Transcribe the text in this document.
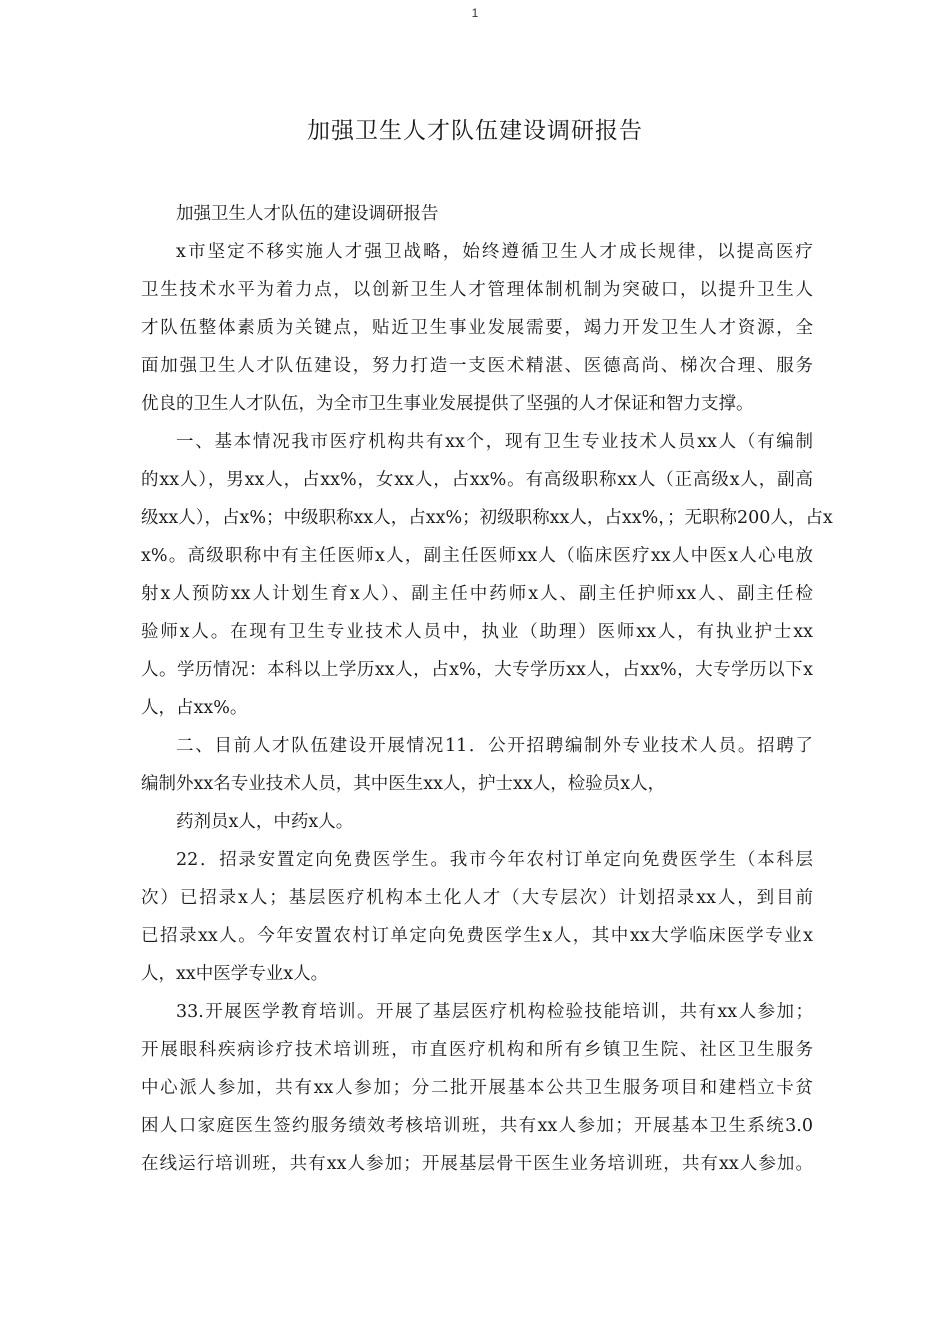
1
加强卫生人才队伍建设调研报告
加强卫生人才队伍的建设调研报告
x市坚定不移实施人才强卫战略，始终遵循卫生人才成长规律，以提高医疗
卫生技术水平为着力点，以创新卫生人才管理体制机制为突破口，以提升卫生人
才队伍整体素质为关键点，贴近卫生事业发展需要，竭力开发卫生人才资源，全
面加强卫生人才队伍建设，努力打造一支医术精湛、医德高尚、梯次合理、服务
优良的卫生人才队伍，为全市卫生事业发展提供了坚强的人才保证和智力支撑。
一、基本情况我市医疗机构共有xx个，现有卫生专业技术人员xx人（有编制
的xx人），男xx人，占xx%，女xx人，占xx%。有高级职称xx人（正高级x人，副高
级xx人），占x%；中级职称xx人，占xx%；初级职称xx人，占xx%，；无职称200人，占x
x%。高级职称中有主任医师x人，副主任医师xx人（临床医疗xx人中医x人心电放
射x人预防xx人计划生育x人）、副主任中药师x人、副主任护师xx人、副主任检
验师x人。在现有卫生专业技术人员中，执业（助理）医师xx人，有执业护士xx
人。学历情况：本科以上学历xx人，占x%，大专学历xx人，占xx%，大专学历以下x
人，占xx%。
二、目前人才队伍建设开展情况11．公开招聘编制外专业技术人员。招聘了
编制外xx名专业技术人员，其中医生xx人，护士xx人，检验员x人，
药剂员x人，中药x人。
22．招录安置定向免费医学生。我市今年农村订单定向免费医学生（本科层
次）已招录x人；基层医疗机构本土化人才（大专层次）计划招录xx人，到目前
已招录xx人。今年安置农村订单定向免费医学生x人，其中xx大学临床医学专业x
人，xx中医学专业x人。
33.开展医学教育培训。开展了基层医疗机构检验技能培训，共有xx人参加；
开展眼科疾病诊疗技术培训班，市直医疗机构和所有乡镇卫生院、社区卫生服务
中心派人参加，共有xx人参加；分二批开展基本公共卫生服务项目和建档立卡贫
困人口家庭医生签约服务绩效考核培训班，共有xx人参加；开展基本卫生系统3.0
在线运行培训班，共有xx人参加；开展基层骨干医生业务培训班，共有xx人参加。
